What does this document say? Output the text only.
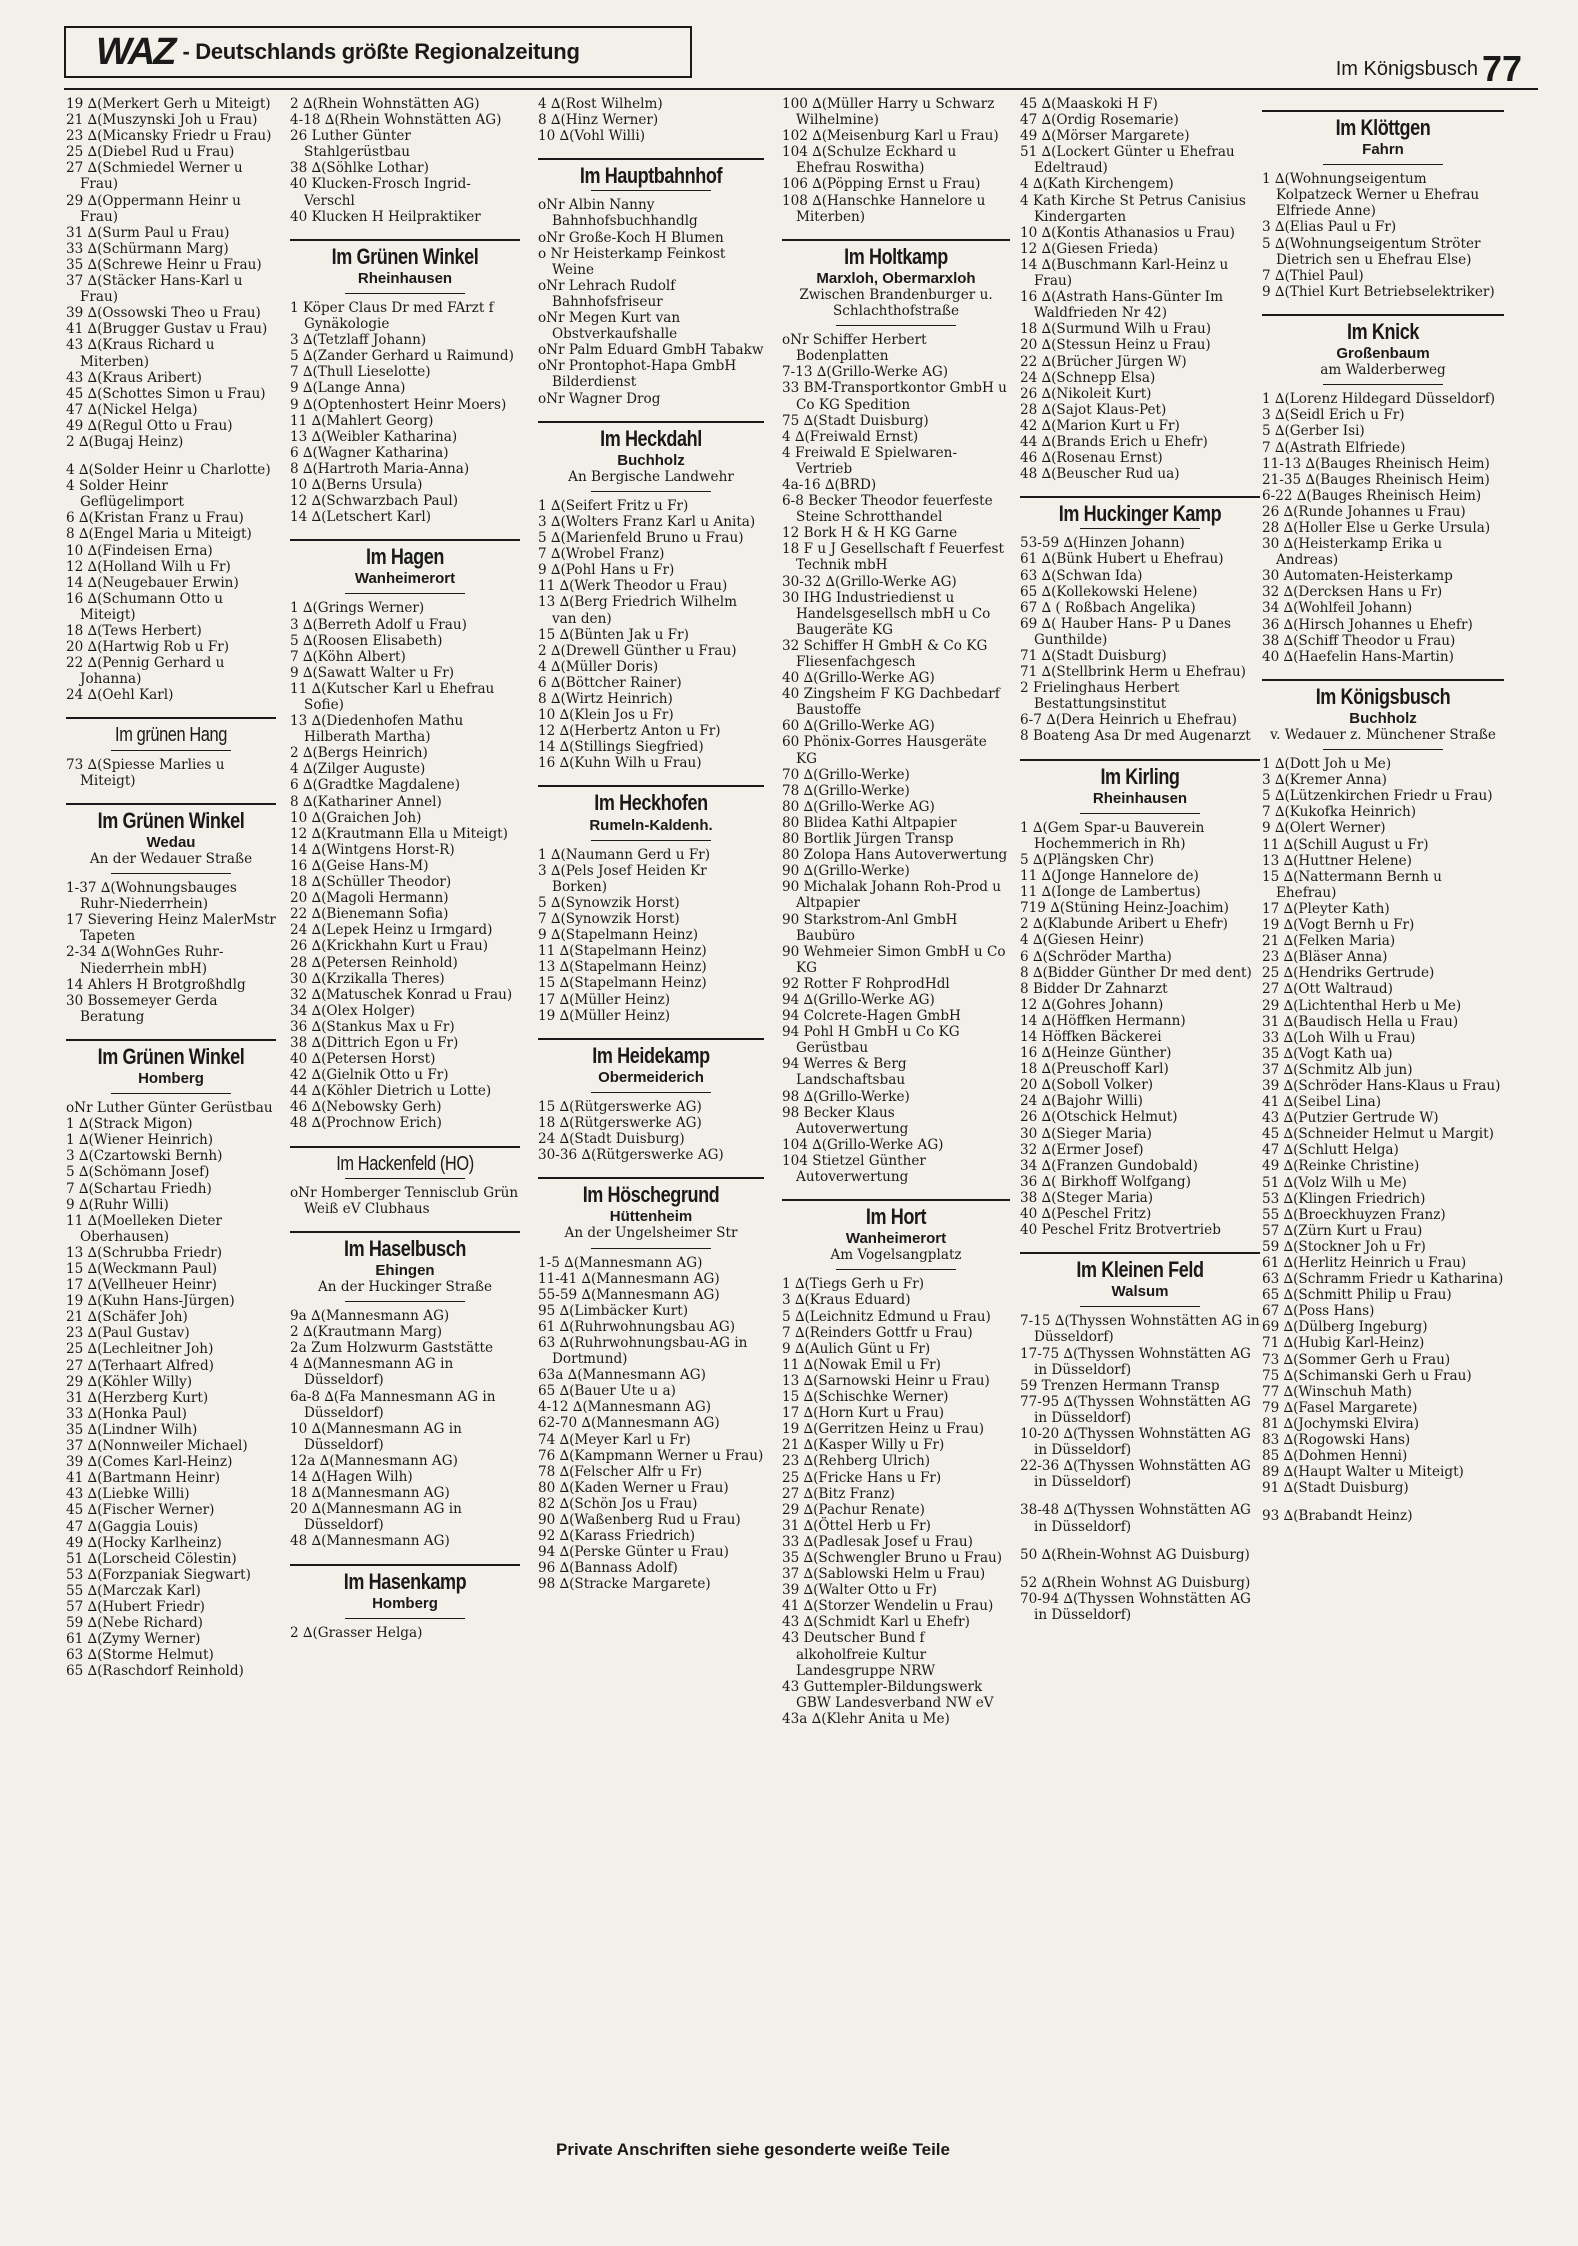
WAZ - Deutschlands größte Regionalzeitung
Im Königsbusch 77

19 ∆(Merkert Gerh u Miteigt)

21 ∆(Muszynski Joh u Frau)

23 ∆(Micansky Friedr u Frau)

25 ∆(Diebel Rud u Frau)

27 ∆(Schmiedel Werner u Frau)

29 ∆(Oppermann Heinr u Frau)

31 ∆(Surm Paul u Frau)

33 ∆(Schürmann Marg)

35 ∆(Schrewe Heinr u Frau)

37 ∆(Stäcker Hans-Karl u Frau)

39 ∆(Ossowski Theo u Frau)

41 ∆(Brugger Gustav u Frau)

43 ∆(Kraus Richard u Miterben)

43 ∆(Kraus Aribert)

45 ∆(Schottes Simon u Frau)

47 ∆(Nickel Helga)

49 ∆(Regul Otto u Frau)

2 ∆(Bugaj Heinz)

4 ∆(Solder Heinr u Charlotte)

4 Solder Heinr Geflügelimport

6 ∆(Kristan Franz u Frau)

8 ∆(Engel Maria u Miteigt)

10 ∆(Findeisen Erna)

12 ∆(Holland Wilh u Fr)

14 ∆(Neugebauer Erwin)

16 ∆(Schumann Otto u Miteigt)

18 ∆(Tews Herbert)

20 ∆(Hartwig Rob u Fr)

22 ∆(Pennig Gerhard u Johanna)

24 ∆(Oehl Karl)

Im grünen Hang

73 ∆(Spiesse Marlies u Miteigt)

Im Grünen Winkel
Wedau
An der Wedauer Straße

1-37 ∆(Wohnungsbauges Ruhr-Niederrhein)

17 Sievering Heinz MalerMstr Tapeten

2-34 ∆(WohnGes Ruhr-Niederrhein mbH)

14 Ahlers H Brotgroßhdlg

30 Bossemeyer Gerda Beratung

Im Grünen Winkel
Homberg

oNr Luther Günter Gerüstbau

1 ∆(Strack Migon)

1 ∆(Wiener Heinrich)

3 ∆(Czartowski Bernh)

5 ∆(Schömann Josef)

7 ∆(Schartau Friedh)

9 ∆(Ruhr Willi)

11 ∆(Moelleken Dieter Oberhausen)

13 ∆(Schrubba Friedr)

15 ∆(Weckmann Paul)

17 ∆(Vellheuer Heinr)

19 ∆(Kuhn Hans-Jürgen)

21 ∆(Schäfer Joh)

23 ∆(Paul Gustav)

25 ∆(Lechleitner Joh)

27 ∆(Terhaart Alfred)

29 ∆(Köhler Willy)

31 ∆(Herzberg Kurt)

33 ∆(Honka Paul)

35 ∆(Lindner Wilh)

37 ∆(Nonnweiler Michael)

39 ∆(Comes Karl-Heinz)

41 ∆(Bartmann Heinr)

43 ∆(Liebke Willi)

45 ∆(Fischer Werner)

47 ∆(Gaggia Louis)

49 ∆(Hocky Karlheinz)

51 ∆(Lorscheid Cölestin)

53 ∆(Forzpaniak Siegwart)

55 ∆(Marczak Karl)

57 ∆(Hubert Friedr)

59 ∆(Nebe Richard)

61 ∆(Zymy Werner)

63 ∆(Storme Helmut)

65 ∆(Raschdorf Reinhold)

2 ∆(Rhein Wohnstätten AG)

4-18 ∆(Rhein Wohnstätten AG)

26 Luther Günter Stahlgerüstbau

38 ∆(Söhlke Lothar)

40 Klucken-Frosch Ingrid-Verschl

40 Klucken H Heilpraktiker

Im Grünen Winkel
Rheinhausen

1 Köper Claus Dr med FArzt f Gynäkologie

3 ∆(Tetzlaff Johann)

5 ∆(Zander Gerhard u Raimund)

7 ∆(Thull Lieselotte)

9 ∆(Lange Anna)

9 ∆(Optenhostert Heinr Moers)

11 ∆(Mahlert Georg)

13 ∆(Weibler Katharina)

6 ∆(Wagner Katharina)

8 ∆(Hartroth Maria-Anna)

10 ∆(Berns Ursula)

12 ∆(Schwarzbach Paul)

14 ∆(Letschert Karl)

Im Hagen
Wanheimerort

1 ∆(Grings Werner)

3 ∆(Berreth Adolf u Frau)

5 ∆(Roosen Elisabeth)

7 ∆(Köhn Albert)

9 ∆(Sawatt Walter u Fr)

11 ∆(Kutscher Karl u Ehefrau Sofie)

13 ∆(Diedenhofen Mathu Hilberath Martha)

2 ∆(Bergs Heinrich)

4 ∆(Zilger Auguste)

6 ∆(Gradtke Magdalene)

8 ∆(Kathariner Annel)

10 ∆(Graichen Joh)

12 ∆(Krautmann Ella u Miteigt)

14 ∆(Wintgens Horst-R)

16 ∆(Geise Hans-M)

18 ∆(Schüller Theodor)

20 ∆(Magoli Hermann)

22 ∆(Bienemann Sofia)

24 ∆(Lepek Heinz u Irmgard)

26 ∆(Krickhahn Kurt u Frau)

28 ∆(Petersen Reinhold)

30 ∆(Krzikalla Theres)

32 ∆(Matuschek Konrad u Frau)

34 ∆(Olex Holger)

36 ∆(Stankus Max u Fr)

38 ∆(Dittrich Egon u Fr)

40 ∆(Petersen Horst)

42 ∆(Gielnik Otto u Fr)

44 ∆(Köhler Dietrich u Lotte)

46 ∆(Nebowsky Gerh)

48 ∆(Prochnow Erich)

Im Hackenfeld (HO)

oNr Homberger Tennisclub Grün Weiß eV Clubhaus

Im Haselbusch
Ehingen
An der Huckinger Straße

9a ∆(Mannesmann AG)

2 ∆(Krautmann Marg)

2a Zum Holzwurm Gaststätte

4 ∆(Mannesmann AG in Düsseldorf)

6a-8 ∆(Fa Mannesmann AG in Düsseldorf)

10 ∆(Mannesmann AG in Düsseldorf)

12a ∆(Mannesmann AG)

14 ∆(Hagen Wilh)

18 ∆(Mannesmann AG)

20 ∆(Mannesmann AG in Düsseldorf)

48 ∆(Mannesmann AG)

Im Hasenkamp
Homberg

2 ∆(Grasser Helga)

4 ∆(Rost Wilhelm)

8 ∆(Hinz Werner)

10 ∆(Vohl Willi)

Im Hauptbahnhof

oNr Albin Nanny Bahnhofsbuchhandlg

oNr Große-Koch H Blumen

o Nr Heisterkamp Feinkost Weine

oNr Lehrach Rudolf Bahnhofsfriseur

oNr Megen Kurt van Obstverkaufshalle

oNr Palm Eduard GmbH Tabakw

oNr Prontophot-Hapa GmbH Bilderdienst

oNr Wagner Drog

Im Heckdahl
Buchholz
An Bergische Landwehr

1 ∆(Seifert Fritz u Fr)

3 ∆(Wolters Franz Karl u Anita)

5 ∆(Marienfeld Bruno u Frau)

7 ∆(Wrobel Franz)

9 ∆(Pohl Hans u Fr)

11 ∆(Werk Theodor u Frau)

13 ∆(Berg Friedrich Wilhelm van den)

15 ∆(Bünten Jak u Fr)

2 ∆(Drewell Günther u Frau)

4 ∆(Müller Doris)

6 ∆(Böttcher Rainer)

8 ∆(Wirtz Heinrich)

10 ∆(Klein Jos u Fr)

12 ∆(Herbertz Anton u Fr)

14 ∆(Stillings Siegfried)

16 ∆(Kuhn Wilh u Frau)

Im Heckhofen
Rumeln-Kaldenh.

1 ∆(Naumann Gerd u Fr)

3 ∆(Pels Josef Heiden Kr Borken)

5 ∆(Synowzik Horst)

7 ∆(Synowzik Horst)

9 ∆(Stapelmann Heinz)

11 ∆(Stapelmann Heinz)

13 ∆(Stapelmann Heinz)

15 ∆(Stapelmann Heinz)

17 ∆(Müller Heinz)

19 ∆(Müller Heinz)

Im Heidekamp
Obermeiderich

15 ∆(Rütgerswerke AG)

18 ∆(Rütgerswerke AG)

24 ∆(Stadt Duisburg)

30-36 ∆(Rütgerswerke AG)

Im Höschegrund
Hüttenheim
An der Ungelsheimer Str

1-5 ∆(Mannesmann AG)

11-41 ∆(Mannesmann AG)

55-59 ∆(Mannesmann AG)

95 ∆(Limbäcker Kurt)

61 ∆(Ruhrwohnungsbau AG)

63 ∆(Ruhrwohnungsbau-AG in Dortmund)

63a ∆(Mannesmann AG)

65 ∆(Bauer Ute u a)

4-12 ∆(Mannesmann AG)

62-70 ∆(Mannesmann AG)

74 ∆(Meyer Karl u Fr)

76 ∆(Kampmann Werner u Frau)

78 ∆(Felscher Alfr u Fr)

80 ∆(Kaden Werner u Frau)

82 ∆(Schön Jos u Frau)

90 ∆(Waßenberg Rud u Frau)

92 ∆(Karass Friedrich)

94 ∆(Perske Günter u Frau)

96 ∆(Bannass Adolf)

98 ∆(Stracke Margarete)

100 ∆(Müller Harry u Schwarz Wilhelmine)

102 ∆(Meisenburg Karl u Frau)

104 ∆(Schulze Eckhard u Ehefrau Roswitha)

106 ∆(Pöpping Ernst u Frau)

108 ∆(Hanschke Hannelore u Miterben)

Im Holtkamp
Marxloh, Obermarxloh
Zwischen Brandenburger u. Schlachthofstraße

oNr Schiffer Herbert Bodenplatten

7-13 ∆(Grillo-Werke AG)

33 BM-Transportkontor GmbH u Co KG Spedition

75 ∆(Stadt Duisburg)

4 ∆(Freiwald Ernst)

4 Freiwald E Spielwaren-Vertrieb

4a-16 ∆(BRD)

6-8 Becker Theodor feuerfeste Steine Schrotthandel

12 Bork H & H KG Garne

18 F u J Gesellschaft f Feuerfest Technik mbH

30-32 ∆(Grillo-Werke AG)

30 IHG Industriedienst u Handelsgesellsch mbH u Co Baugeräte KG

32 Schiffer H GmbH & Co KG Fliesenfachgesch

40 ∆(Grillo-Werke AG)

40 Zingsheim F KG Dachbedarf Baustoffe

60 ∆(Grillo-Werke AG)

60 Phönix-Gorres Hausgeräte KG

70 ∆(Grillo-Werke)

78 ∆(Grillo-Werke)

80 ∆(Grillo-Werke AG)

80 Blidea Kathi Altpapier

80 Bortlik Jürgen Transp

80 Zolopa Hans Autoverwertung

90 ∆(Grillo-Werke)

90 Michalak Johann Roh-Prod u Altpapier

90 Starkstrom-Anl GmbH Baubüro

90 Wehmeier Simon GmbH u Co KG

92 Rotter F RohprodHdl

94 ∆(Grillo-Werke AG)

94 Colcrete-Hagen GmbH

94 Pohl H GmbH u Co KG Gerüstbau

94 Werres & Berg Landschaftsbau

98 ∆(Grillo-Werke)

98 Becker Klaus Autoverwertung

104 ∆(Grillo-Werke AG)

104 Stietzel Günther Autoverwertung

Im Hort
Wanheimerort
Am Vogelsangplatz

1 ∆(Tiegs Gerh u Fr)

3 ∆(Kraus Eduard)

5 ∆(Leichnitz Edmund u Frau)

7 ∆(Reinders Gottfr u Frau)

9 ∆(Aulich Günt u Fr)

11 ∆(Nowak Emil u Fr)

13 ∆(Sarnowski Heinr u Frau)

15 ∆(Schischke Werner)

17 ∆(Horn Kurt u Frau)

19 ∆(Gerritzen Heinz u Frau)

21 ∆(Kasper Willy u Fr)

23 ∆(Rehberg Ulrich)

25 ∆(Fricke Hans u Fr)

27 ∆(Bitz Franz)

29 ∆(Pachur Renate)

31 ∆(Öttel Herb u Fr)

33 ∆(Padlesak Josef u Frau)

35 ∆(Schwengler Bruno u Frau)

37 ∆(Sablowski Helm u Frau)

39 ∆(Walter Otto u Fr)

41 ∆(Storzer Wendelin u Frau)

43 ∆(Schmidt Karl u Ehefr)

43 Deutscher Bund f alkoholfreie Kultur Landesgruppe NRW

43 Guttempler-Bildungswerk GBW Landesverband NW eV

43a ∆(Klehr Anita u Me)

45 ∆(Maaskoki H F)

47 ∆(Ordig Rosemarie)

49 ∆(Mörser Margarete)

51 ∆(Lockert Günter u Ehefrau Edeltraud)

4 ∆(Kath Kirchengem)

4 Kath Kirche St Petrus Canisius Kindergarten

10 ∆(Kontis Athanasios u Frau)

12 ∆(Giesen Frieda)

14 ∆(Buschmann Karl-Heinz u Frau)

16 ∆(Astrath Hans-Günter Im Waldfrieden Nr 42)

18 ∆(Surmund Wilh u Frau)

20 ∆(Stessun Heinz u Frau)

22 ∆(Brücher Jürgen W)

24 ∆(Schnepp Elsa)

26 ∆(Nikoleit Kurt)

28 ∆(Sajot Klaus-Pet)

42 ∆(Marion Kurt u Fr)

44 ∆(Brands Erich u Ehefr)

46 ∆(Rosenau Ernst)

48 ∆(Beuscher Rud ua)

Im Huckinger Kamp

53-59 ∆(Hinzen Johann)

61 ∆(Bünk Hubert u Ehefrau)

63 ∆(Schwan Ida)

65 ∆(Kollekowski Helene)

67 ∆ ( Roßbach Angelika)

69 ∆( Hauber Hans- P u Danes Gunthilde)

71 ∆(Stadt Duisburg)

71 ∆(Stellbrink Herm u Ehefrau)

2 Frielinghaus Herbert Bestattungsinstitut

6-7 ∆(Dera Heinrich u Ehefrau)

8 Boateng Asa Dr med Augenarzt

Im Kirling
Rheinhausen

1 ∆(Gem Spar-u Bauverein Hochemmerich in Rh)

5 ∆(Plängsken Chr)

11 ∆(Jonge Hannelore de)

11 ∆(Ionge de Lambertus)

719 ∆(Stüning Heinz-Joachim)

2 ∆(Klabunde Aribert u Ehefr)

4 ∆(Giesen Heinr)

6 ∆(Schröder Martha)

8 ∆(Bidder Günther Dr med dent)

8 Bidder Dr Zahnarzt

12 ∆(Gohres Johann)

14 ∆(Höffken Hermann)

14 Höffken Bäckerei

16 ∆(Heinze Günther)

18 ∆(Preuschoff Karl)

20 ∆(Soboll Volker)

24 ∆(Bajohr Willi)

26 ∆(Otschick Helmut)

30 ∆(Sieger Maria)

32 ∆(Ermer Josef)

34 ∆(Franzen Gundobald)

36 ∆( Birkhoff Wolfgang)

38 ∆(Steger Maria)

40 ∆(Peschel Fritz)

40 Peschel Fritz Brotvertrieb

Im Kleinen Feld
Walsum

7-15 ∆(Thyssen Wohnstätten AG in Düsseldorf)

17-75 ∆(Thyssen Wohnstätten AG in Düsseldorf)

59 Trenzen Hermann Transp

77-95 ∆(Thyssen Wohnstätten AG in Düsseldorf)

10-20 ∆(Thyssen Wohnstätten AG in Düsseldorf)

22-36 ∆(Thyssen Wohnstätten AG in Düsseldorf)

38-48 ∆(Thyssen Wohnstätten AG in Düsseldorf)

50 ∆(Rhein-Wohnst AG Duisburg)

52 ∆(Rhein Wohnst AG Duisburg)

70-94 ∆(Thyssen Wohnstätten AG in Düsseldorf)

Im Klöttgen
Fahrn

1 ∆(Wohnungseigentum Kolpatzeck Werner u Ehefrau Elfriede Anne)

3 ∆(Elias Paul u Fr)

5 ∆(Wohnungseigentum Ströter Dietrich sen u Ehefrau Else)

7 ∆(Thiel Paul)

9 ∆(Thiel Kurt Betriebselektriker)

Im Knick
Großenbaum
am Walderberweg

1 ∆(Lorenz Hildegard Düsseldorf)

3 ∆(Seidl Erich u Fr)

5 ∆(Gerber Isi)

7 ∆(Astrath Elfriede)

11-13 ∆(Bauges Rheinisch Heim)

21-35 ∆(Bauges Rheinisch Heim)

6-22 ∆(Bauges Rheinisch Heim)

26 ∆(Runde Johannes u Frau)

28 ∆(Holler Else u Gerke Ursula)

30 ∆(Heisterkamp Erika u Andreas)

30 Automaten-Heisterkamp

32 ∆(Dercksen Hans u Fr)

34 ∆(Wohlfeil Johann)

36 ∆(Hirsch Johannes u Ehefr)

38 ∆(Schiff Theodor u Frau)

40 ∆(Haefelin Hans-Martin)

Im Königsbusch
Buchholz
v. Wedauer z. Münchener Straße

1 ∆(Dott Joh u Me)

3 ∆(Kremer Anna)

5 ∆(Lützenkirchen Friedr u Frau)

7 ∆(Kukofka Heinrich)

9 ∆(Olert Werner)

11 ∆(Schill August u Fr)

13 ∆(Huttner Helene)

15 ∆(Nattermann Bernh u Ehefrau)

17 ∆(Pleyter Kath)

19 ∆(Vogt Bernh u Fr)

21 ∆(Felken Maria)

23 ∆(Bläser Anna)

25 ∆(Hendriks Gertrude)

27 ∆(Ott Waltraud)

29 ∆(Lichtenthal Herb u Me)

31 ∆(Baudisch Hella u Frau)

33 ∆(Loh Wilh u Frau)

35 ∆(Vogt Kath ua)

37 ∆(Schmitz Alb jun)

39 ∆(Schröder Hans-Klaus u Frau)

41 ∆(Seibel Lina)

43 ∆(Putzier Gertrude W)

45 ∆(Schneider Helmut u Margit)

47 ∆(Schlutt Helga)

49 ∆(Reinke Christine)

51 ∆(Volz Wilh u Me)

53 ∆(Klingen Friedrich)

55 ∆(Broeckhuyzen Franz)

57 ∆(Zürn Kurt u Frau)

59 ∆(Stockner Joh u Fr)

61 ∆(Herlitz Heinrich u Frau)

63 ∆(Schramm Friedr u Katharina)

65 ∆(Schmitt Philip u Frau)

67 ∆(Poss Hans)

69 ∆(Dülberg Ingeburg)

71 ∆(Hubig Karl-Heinz)

73 ∆(Sommer Gerh u Frau)

75 ∆(Schimanski Gerh u Frau)

77 ∆(Winschuh Math)

79 ∆(Fasel Margarete)

81 ∆(Jochymski Elvira)

83 ∆(Rogowski Hans)

85 ∆(Dohmen Henni)

89 ∆(Haupt Walter u Miteigt)

91 ∆(Stadt Duisburg)

93 ∆(Brabandt Heinz)

Private Anschriften siehe gesonderte weiße Teile
